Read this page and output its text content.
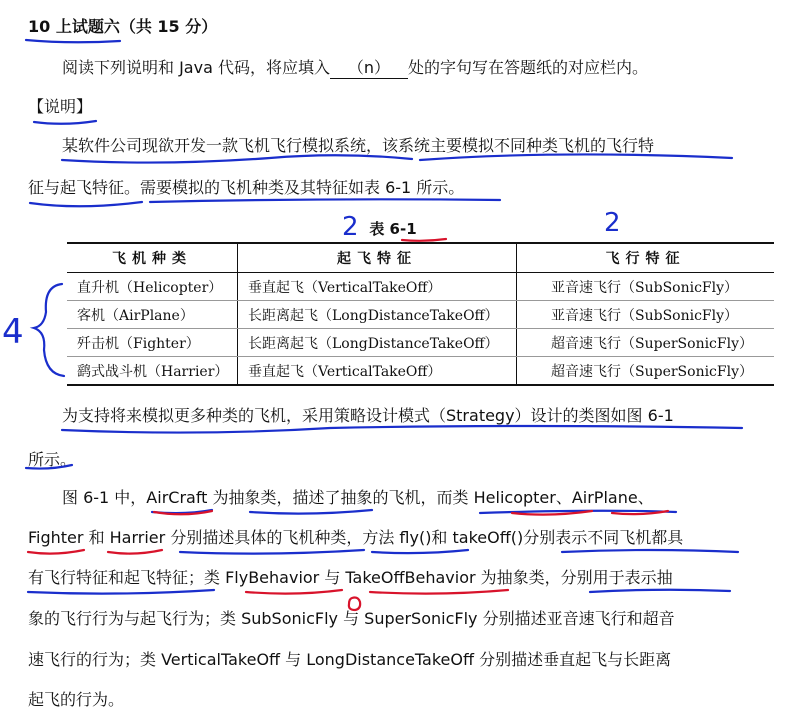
10 上试题六（共 15 分）
阅读下列说明和 Java 代码，将应填入 （n） 处的字句写在答题纸的对应栏内。
【说明】
某软件公司现欲开发一款飞机飞行模拟系统，该系统主要模拟不同种类飞机的飞行特
征与起飞特征。需要模拟的飞机种类及其特征如表 6-1 所示。
表 6-1
飞机种类	起飞特征	飞行特征
直升机（Helicopter）	垂直起飞（VerticalTakeOff）	亚音速飞行（SubSonicFly）
客机（AirPlane）	长距离起飞（LongDistanceTakeOff）	亚音速飞行（SubSonicFly）
歼击机（Fighter）	长距离起飞（LongDistanceTakeOff）	超音速飞行（SuperSonicFly）
鹞式战斗机（Harrier）	垂直起飞（VerticalTakeOff）	超音速飞行（SuperSonicFly）
为支持将来模拟更多种类的飞机，采用策略设计模式（Strategy）设计的类图如图 6-1
所示。
图 6-1 中，AirCraft 为抽象类，描述了抽象的飞机，而类 Helicopter、AirPlane、
Fighter 和 Harrier 分别描述具体的飞机种类，方法 fly()和 takeOff()分别表示不同飞机都具
有飞行特征和起飞特征；类 FlyBehavior 与 TakeOffBehavior 为抽象类，分别用于表示抽
象的飞行行为与起飞行为；类 SubSonicFly 与 SuperSonicFly 分别描述亚音速飞行和超音
速飞行的行为；类 VerticalTakeOff 与 LongDistanceTakeOff 分别描述垂直起飞与长距离
起飞的行为。
2	2
4
